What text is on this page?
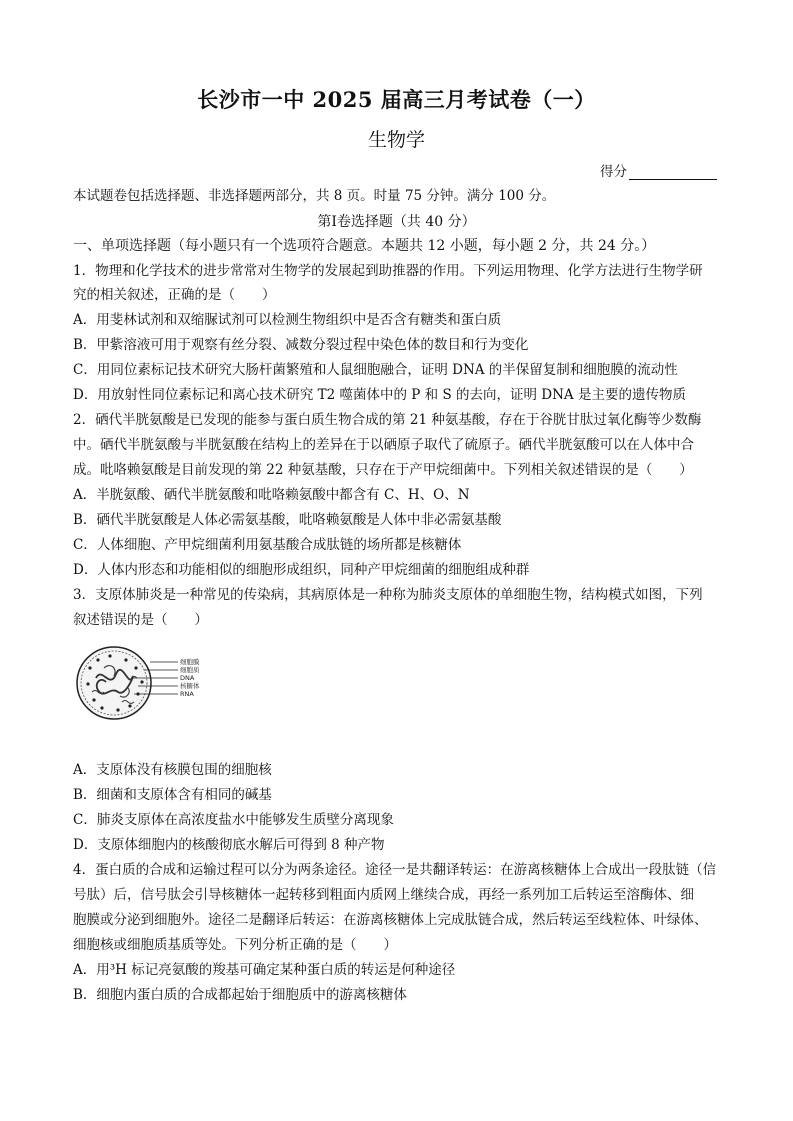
长沙市一中 2025 届高三月考试卷（一）
生物学
得分
本试题卷包括选择题、非选择题两部分，共 8 页。时量 75 分钟。满分 100 分。
第Ⅰ卷选择题（共 40 分）
一、单项选择题（每小题只有一个选项符合题意。本题共 12 小题，每小题 2 分，共 24 分。）
1．物理和化学技术的进步常常对生物学的发展起到助推器的作用。下列运用物理、化学方法进行生物学研
究的相关叙述，正确的是（　　）
A．用斐林试剂和双缩脲试剂可以检测生物组织中是否含有糖类和蛋白质
B．甲紫溶液可用于观察有丝分裂、减数分裂过程中染色体的数目和行为变化
C．用同位素标记技术研究大肠杆菌繁殖和人鼠细胞融合，证明 DNA 的半保留复制和细胞膜的流动性
D．用放射性同位素标记和离心技术研究 T2 噬菌体中的 P 和 S 的去向，证明 DNA 是主要的遗传物质
2．硒代半胱氨酸是已发现的能参与蛋白质生物合成的第 21 种氨基酸，存在于谷胱甘肽过氧化酶等少数酶
中。硒代半胱氨酸与半胱氨酸在结构上的差异在于以硒原子取代了硫原子。硒代半胱氨酸可以在人体中合
成。吡咯赖氨酸是目前发现的第 22 种氨基酸，只存在于产甲烷细菌中。下列相关叙述错误的是（　　）
A．半胱氨酸、硒代半胱氨酸和吡咯赖氨酸中都含有 C、H、O、N
B．硒代半胱氨酸是人体必需氨基酸，吡咯赖氨酸是人体中非必需氨基酸
C．人体细胞、产甲烷细菌利用氨基酸合成肽链的场所都是核糖体
D．人体内形态和功能相似的细胞形成组织，同种产甲烷细菌的细胞组成种群
3．支原体肺炎是一种常见的传染病，其病原体是一种称为肺炎支原体的单细胞生物，结构模式如图，下列
叙述错误的是（　　）
细胞膜
细胞质
DNA
核糖体
RNA
A．支原体没有核膜包围的细胞核
B．细菌和支原体含有相同的碱基
C．肺炎支原体在高浓度盐水中能够发生质壁分离现象
D．支原体细胞内的核酸彻底水解后可得到 8 种产物
4．蛋白质的合成和运输过程可以分为两条途径。途径一是共翻译转运：在游离核糖体上合成出一段肽链（信
号肽）后，信号肽会引导核糖体一起转移到粗面内质网上继续合成，再经一系列加工后转运至溶酶体、细
胞膜或分泌到细胞外。途径二是翻译后转运：在游离核糖体上完成肽链合成，然后转运至线粒体、叶绿体、
细胞核或细胞质基质等处。下列分析正确的是（　　）
A．用³H 标记亮氨酸的羧基可确定某种蛋白质的转运是何种途径
B．细胞内蛋白质的合成都起始于细胞质中的游离核糖体
